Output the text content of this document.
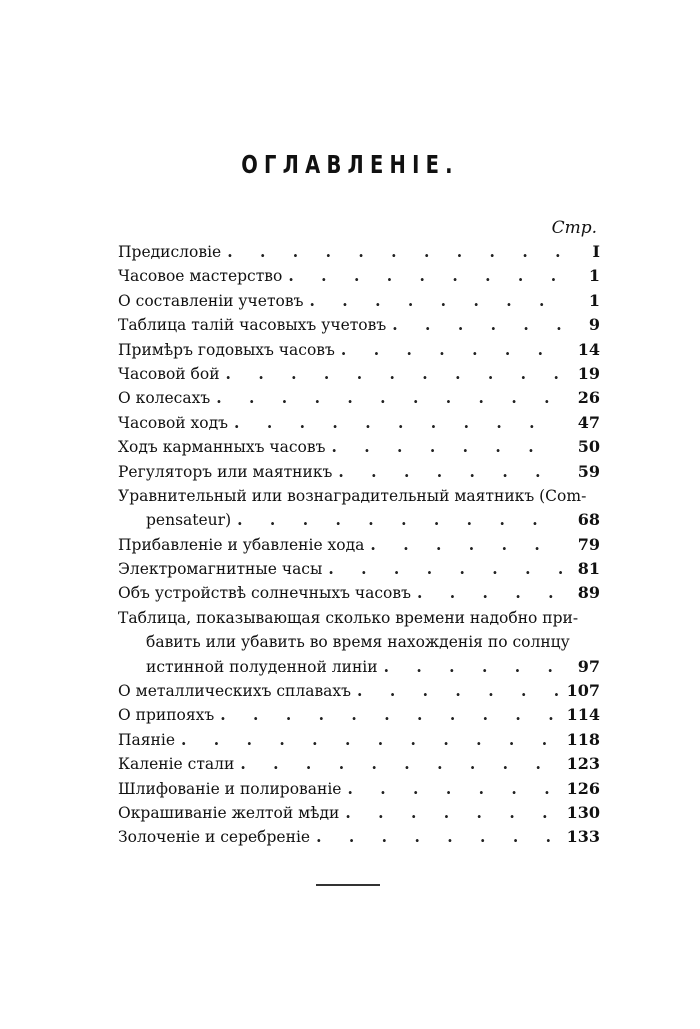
ОГЛАВЛЕНІЕ.
Стр.
Предисловіе . . .	I
Часовое мастерство . . .	1
О составленіи учетовъ . . .	1
Таблица талій часовыхъ учетовъ . . .	9
Примѣръ годовыхъ часовъ . . .	14
Часовой бой . . .	19
О колесахъ . . .	26
Часовой ходъ . . .	47
Ходъ карманныхъ часовъ . . .	50
Регуляторъ или маятникъ . . .	59
Уравнительный или вознаградительный маятникъ (Com-
pensateur) . . .	68
Прибавленіе и убавленіе хода . . .	79
Электромагнитные часы . . .	81
Объ устройствѣ солнечныхъ часовъ . . .	89
Таблица, показывающая сколько времени надобно при-
бавить или убавить во время нахожденія по солнцу
истинной полуденной линіи . . .	97
О металлическихъ сплавахъ . . .	107
О припояхъ . . .	114
Паяніе . . .	118
Каленіе стали . . .	123
Шлифованіе и полированіе . . .	126
Окрашиваніе желтой мѣди . . .	130
Золоченіе и серебреніе . . .	133
